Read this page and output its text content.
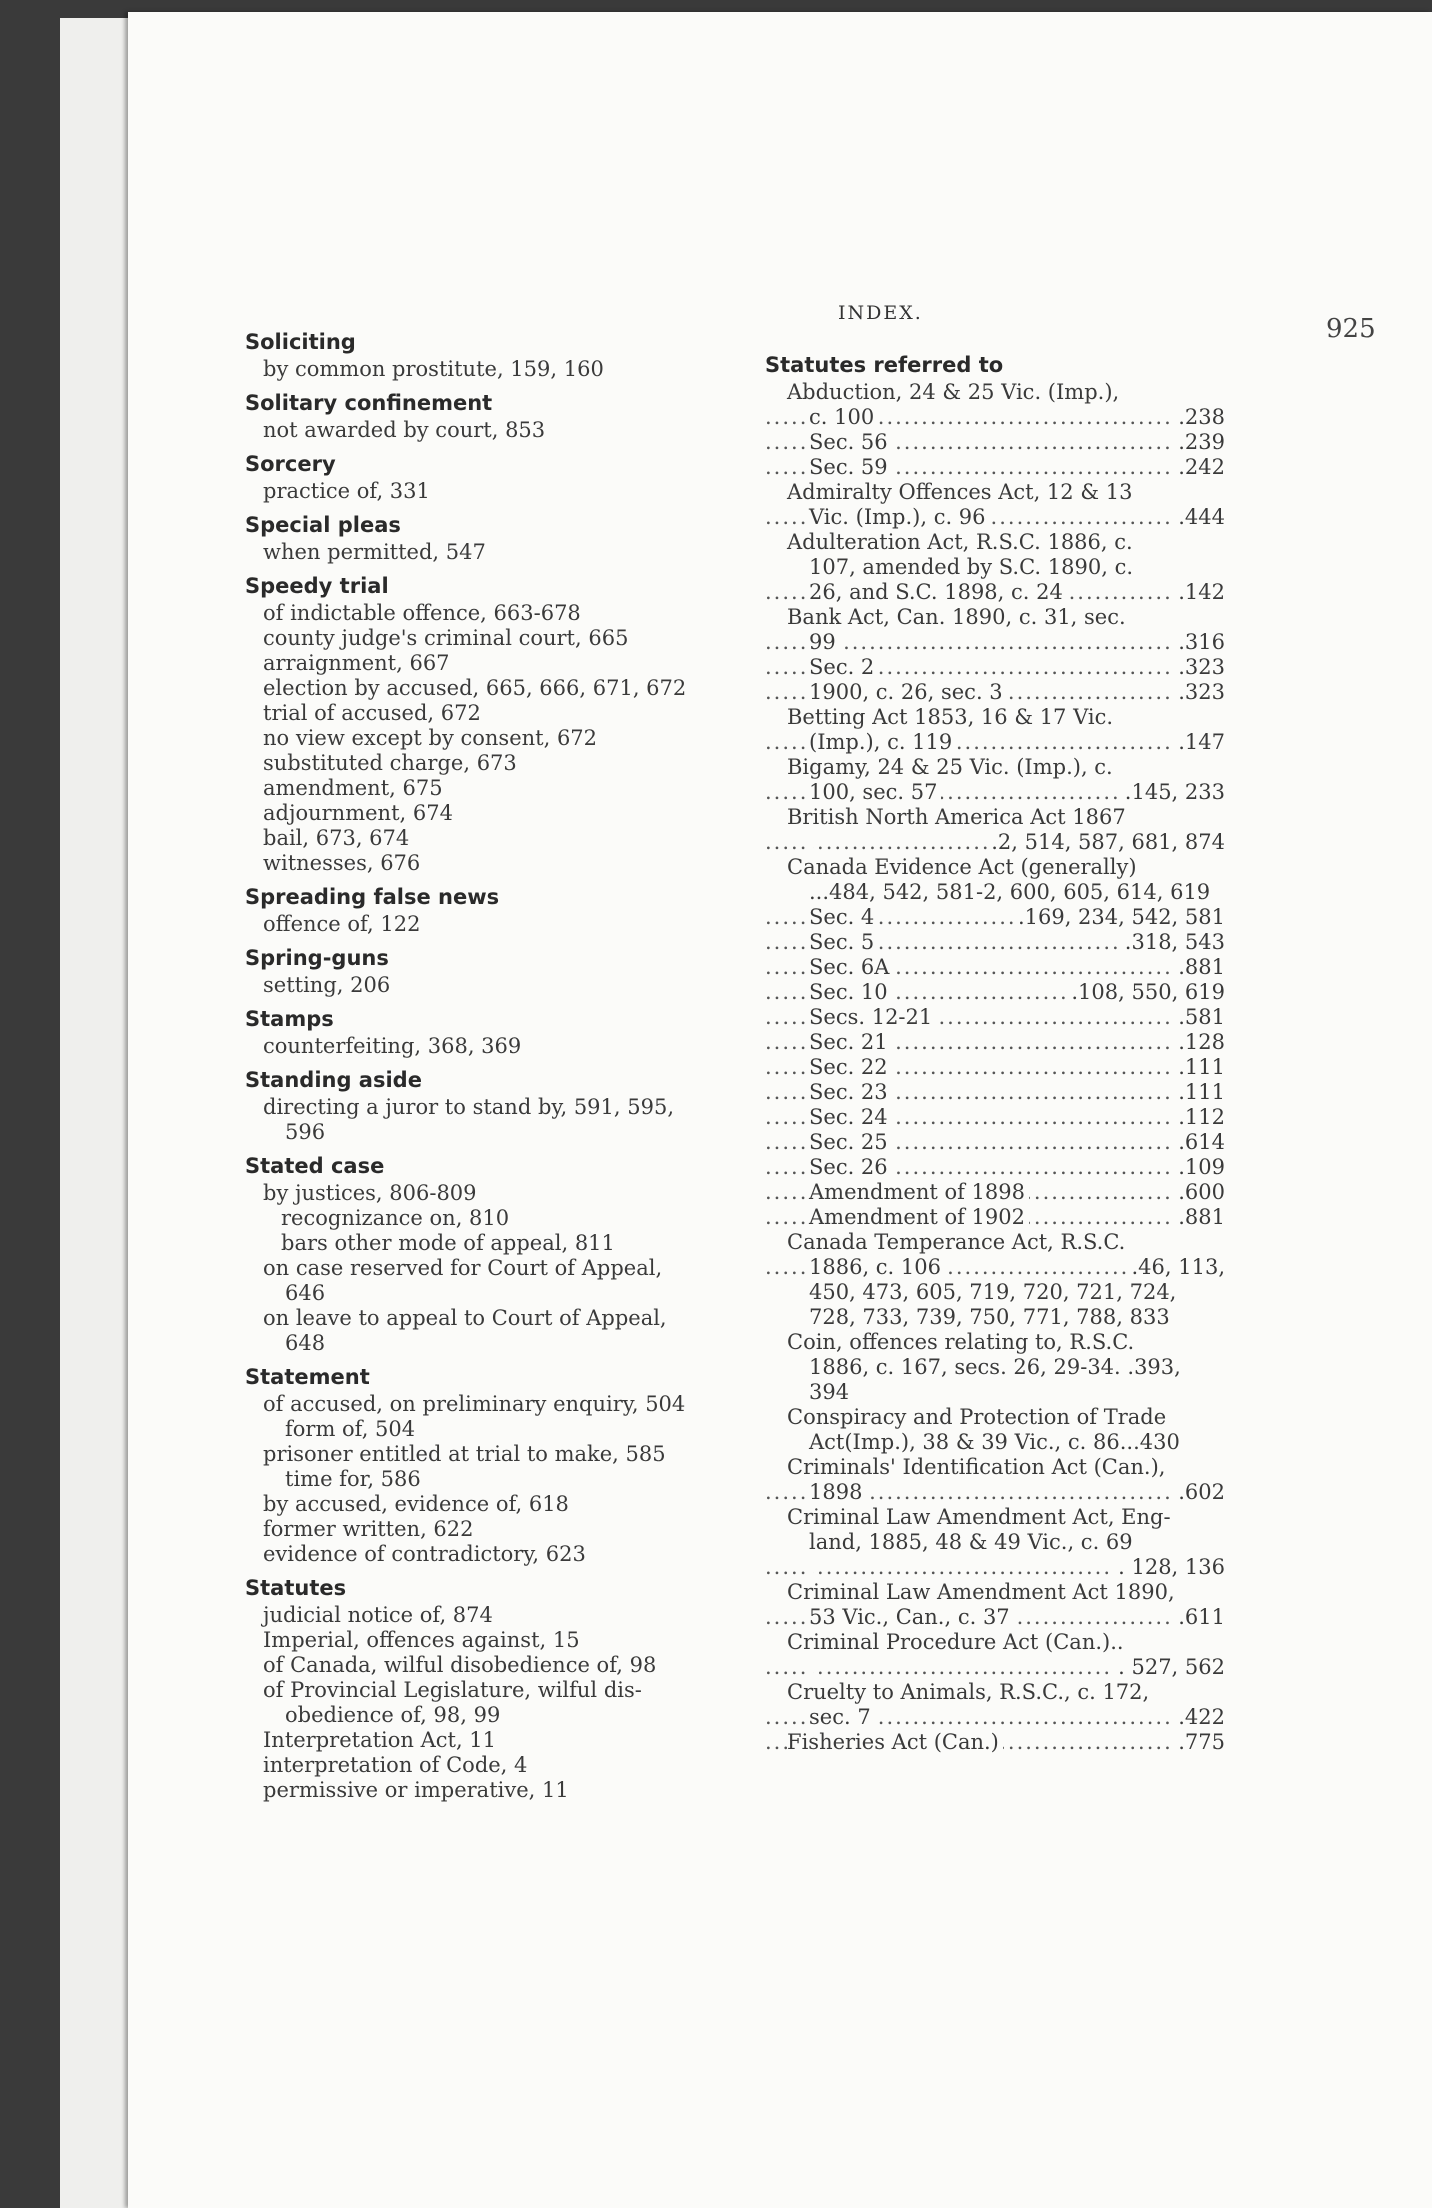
INDEX.
925
Soliciting
by common prostitute, 159, 160
Solitary confinement
not awarded by court, 853
Sorcery
practice of, 331
Special pleas
when permitted, 547
Speedy trial
of indictable offence, 663-678
county judge's criminal court, 665
arraignment, 667
election by accused, 665, 666, 671, 672
trial of accused, 672
no view except by consent, 672
substituted charge, 673
amendment, 675
adjournment, 674
bail, 673, 674
witnesses, 676
Spreading false news
offence of, 122
Spring-guns
setting, 206
Stamps
counterfeiting, 368, 369
Standing aside
directing a juror to stand by, 591, 595,
596
Stated case
by justices, 806-809
recognizance on, 810
bars other mode of appeal, 811
on case reserved for Court of Appeal,
646
on leave to appeal to Court of Appeal,
648
Statement
of accused, on preliminary enquiry, 504
form of, 504
prisoner entitled at trial to make, 585
time for, 586
by accused, evidence of, 618
former written, 622
evidence of contradictory, 623
Statutes
judicial notice of, 874
Imperial, offences against, 15
of Canada, wilful disobedience of, 98
of Provincial Legislature, wilful dis-
obedience of, 98, 99
Interpretation Act, 11
interpretation of Code, 4
permissive or imperative, 11
Statutes referred to
Abduction, 24 & 25 Vic. (Imp.),
..... c. 100	.238
..... Sec. 56	.239
..... Sec. 59	.242
Admiralty Offences Act, 12 & 13
..... Vic. (Imp.), c. 96	.444
Adulteration Act, R.S.C. 1886, c.
107, amended by S.C. 1890, c.
..... 26, and S.C. 1898, c. 24	.142
Bank Act, Can. 1890, c. 31, sec.
..... 99	.316
..... Sec. 2	.323
..... 1900, c. 26, sec. 3	.323
Betting Act 1853, 16 & 17 Vic.
..... (Imp.), c. 119	.147
Bigamy, 24 & 25 Vic. (Imp.), c.
..... 100, sec. 57	.145, 233
British North America Act 1867
..... .2, 514, 587, 681, 874
Canada Evidence Act (generally)
...484, 542, 581-2, 600, 605, 614, 619
..... Sec. 4	.169, 234, 542, 581
..... Sec. 5	.318, 543
..... Sec. 6A	.881
..... Sec. 10	.108, 550, 619
..... Secs. 12-21	.581
..... Sec. 21	.128
..... Sec. 22	.111
..... Sec. 23	.111
..... Sec. 24	.112
..... Sec. 25	.614
..... Sec. 26	.109
..... Amendment of 1898	.600
..... Amendment of 1902	.881
Canada Temperance Act, R.S.C.
..... 1886, c. 106	.46, 113,
450, 473, 605, 719, 720, 721, 724,
728, 733, 739, 750, 771, 788, 833
Coin, offences relating to, R.S.C.
1886, c. 167, secs. 26, 29-34. .393, 394
Conspiracy and Protection of Trade
Act(Imp.), 38 & 39 Vic., c. 86...430
Criminals' Identification Act (Can.),
..... 1898	.602
Criminal Law Amendment Act, Eng-
land, 1885, 48 & 49 Vic., c. 69
..... . 128, 136
Criminal Law Amendment Act 1890,
..... 53 Vic., Can., c. 37	.611
Criminal Procedure Act (Can.)..
..... . 527, 562
Cruelty to Animals, R.S.C., c. 172,
..... sec. 7	.422
..... Fisheries Act (Can.)	.775
